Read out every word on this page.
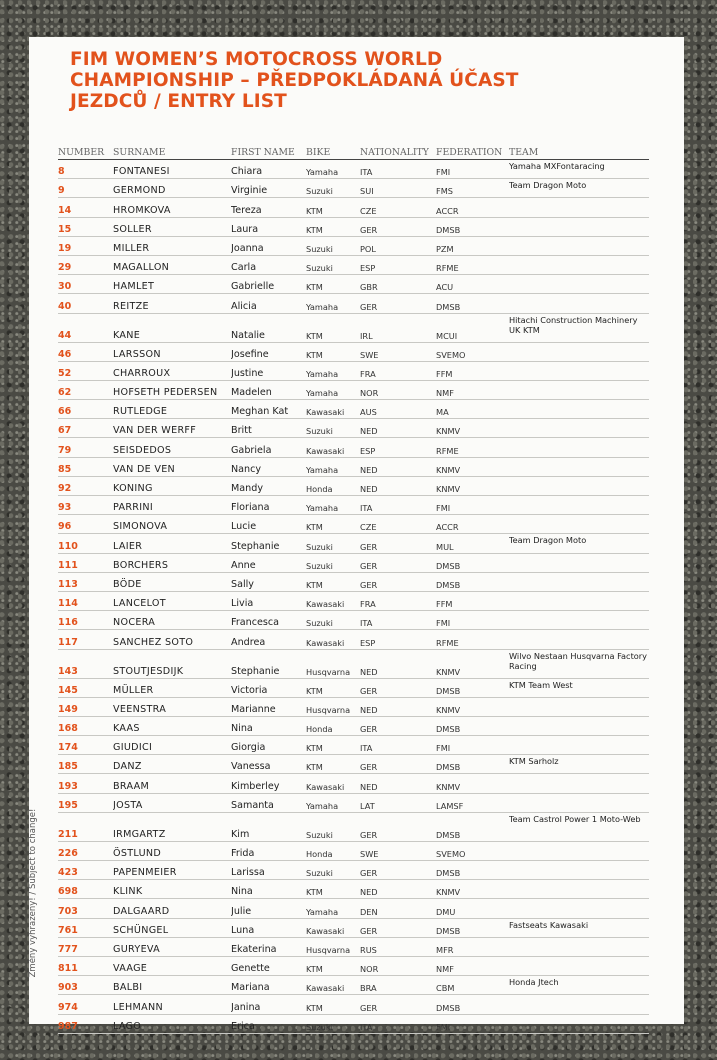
FIM WOMEN’S MOTOCROSS WORLD
CHAMPIONSHIP – PŘEDPOKLÁDANÁ ÚČAST
JEZDCŮ / ENTRY LIST
Změny vyhrazeny! / Subject to change!
NUMBER	SURNAME	FIRST NAME	BIKE	NATIONALITY	FEDERATION	TEAM
8	FONTANESI	Chiara	Yamaha	ITA	FMI	Yamaha MXFontaracing
9	GERMOND	Virginie	Suzuki	SUI	FMS	Team Dragon Moto
14	HROMKOVA	Tereza	KTM	CZE	ACCR	
15	SOLLER	Laura	KTM	GER	DMSB	
19	MILLER	Joanna	Suzuki	POL	PZM	
29	MAGALLON	Carla	Suzuki	ESP	RFME	
30	HAMLET	Gabrielle	KTM	GBR	ACU	
40	REITZE	Alicia	Yamaha	GER	DMSB	
44	KANE	Natalie	KTM	IRL	MCUI	Hitachi Construction Machinery UK KTM
46	LARSSON	Josefine	KTM	SWE	SVEMO	
52	CHARROUX	Justine	Yamaha	FRA	FFM	
62	HOFSETH PEDERSEN	Madelen	Yamaha	NOR	NMF	
66	RUTLEDGE	Meghan Kat	Kawasaki	AUS	MA	
67	VAN DER WERFF	Britt	Suzuki	NED	KNMV	
79	SEISDEDOS	Gabriela	Kawasaki	ESP	RFME	
85	VAN DE VEN	Nancy	Yamaha	NED	KNMV	
92	KONING	Mandy	Honda	NED	KNMV	
93	PARRINI	Floriana	Yamaha	ITA	FMI	
96	SIMONOVA	Lucie	KTM	CZE	ACCR	
110	LAIER	Stephanie	Suzuki	GER	MUL	Team Dragon Moto
111	BORCHERS	Anne	Suzuki	GER	DMSB	
113	BÖDE	Sally	KTM	GER	DMSB	
114	LANCELOT	Livia	Kawasaki	FRA	FFM	
116	NOCERA	Francesca	Suzuki	ITA	FMI	
117	SANCHEZ SOTO	Andrea	Kawasaki	ESP	RFME	
143	STOUTJESDIJK	Stephanie	Husqvarna	NED	KNMV	Wilvo Nestaan Husqvarna Factory Racing
145	MÜLLER	Victoria	KTM	GER	DMSB	KTM Team West
149	VEENSTRA	Marianne	Husqvarna	NED	KNMV	
168	KAAS	Nina	Honda	GER	DMSB	
174	GIUDICI	Giorgia	KTM	ITA	FMI	
185	DANZ	Vanessa	KTM	GER	DMSB	KTM Sarholz
193	BRAAM	Kimberley	Kawasaki	NED	KNMV	
195	JOSTA	Samanta	Yamaha	LAT	LAMSF	
211	IRMGARTZ	Kim	Suzuki	GER	DMSB	Team Castrol Power 1 Moto-Web
226	ÖSTLUND	Frida	Honda	SWE	SVEMO	
423	PAPENMEIER	Larissa	Suzuki	GER	DMSB	
698	KLINK	Nina	KTM	NED	KNMV	
703	DALGAARD	Julie	Yamaha	DEN	DMU	
761	SCHÜNGEL	Luna	Kawasaki	GER	DMSB	Fastseats Kawasaki
777	GURYEVA	Ekaterina	Husqvarna	RUS	MFR	
811	VAAGE	Genette	KTM	NOR	NMF	
903	BALBI	Mariana	Kawasaki	BRA	CBM	Honda Jtech
974	LEHMANN	Janina	KTM	GER	DMSB	
987	LAGO	Erica	Suzuki	ITA	FMI	
